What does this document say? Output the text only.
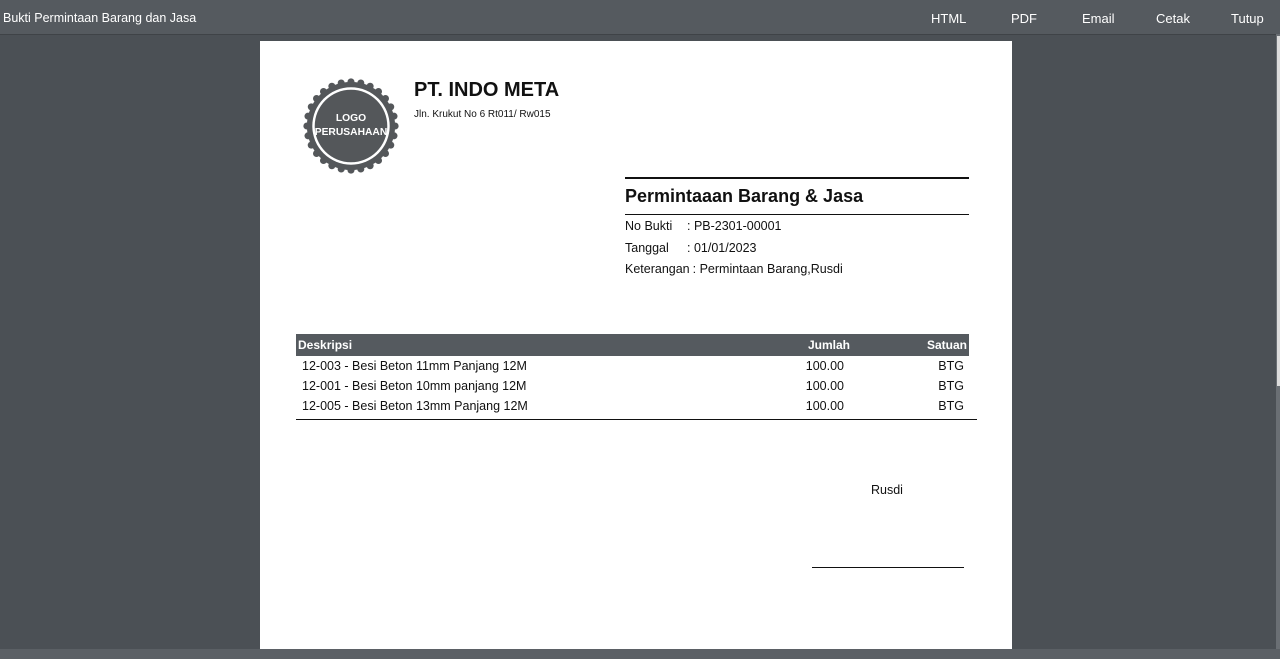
Bukti Permintaan Barang dan Jasa	HTML	PDF	Email	Cetak	Tutup
LOGO
PERUSAHAAN
PT. INDO META
Jln. Krukut No 6 Rt011/ Rw015
Permintaaan Barang & Jasa
No Bukti : PB-2301-00001
Tanggal : 01/01/2023
Keterangan : Permintaan Barang,Rusdi
Deskripsi	Jumlah	Satuan
12-003 - Besi Beton 11mm Panjang 12M	100.00	BTG
12-001 - Besi Beton 10mm panjang 12M	100.00	BTG
12-005 - Besi Beton 13mm Panjang 12M	100.00	BTG
Rusdi
